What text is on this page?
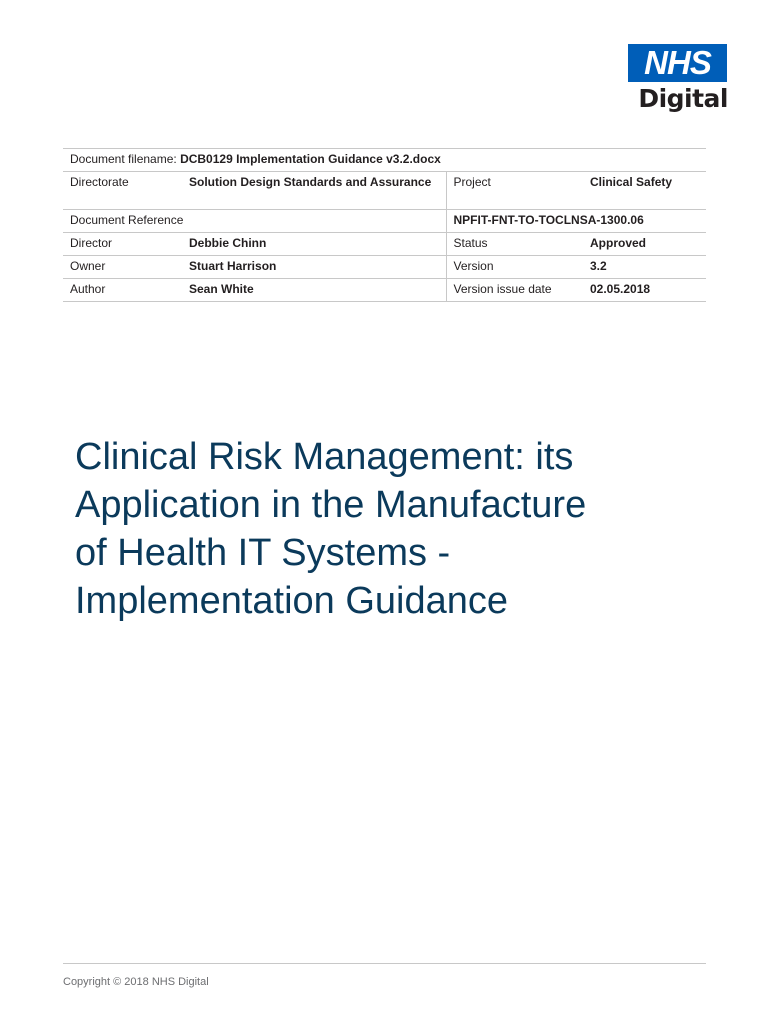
NHS
Digital
Document filename: DCB0129 Implementation Guidance v3.2.docx			
Directorate	Solution Design Standards and Assurance	Project	Clinical Safety
Document Reference		NPFIT-FNT-TO-TOCLNSA-1300.06	
Director	Debbie Chinn	Status	Approved
Owner	Stuart Harrison	Version	3.2
Author	Sean White	Version issue date	02.05.2018
Clinical Risk Management: its
Application in the Manufacture
of Health IT Systems -
Implementation Guidance
Copyright © 2018 NHS Digital
